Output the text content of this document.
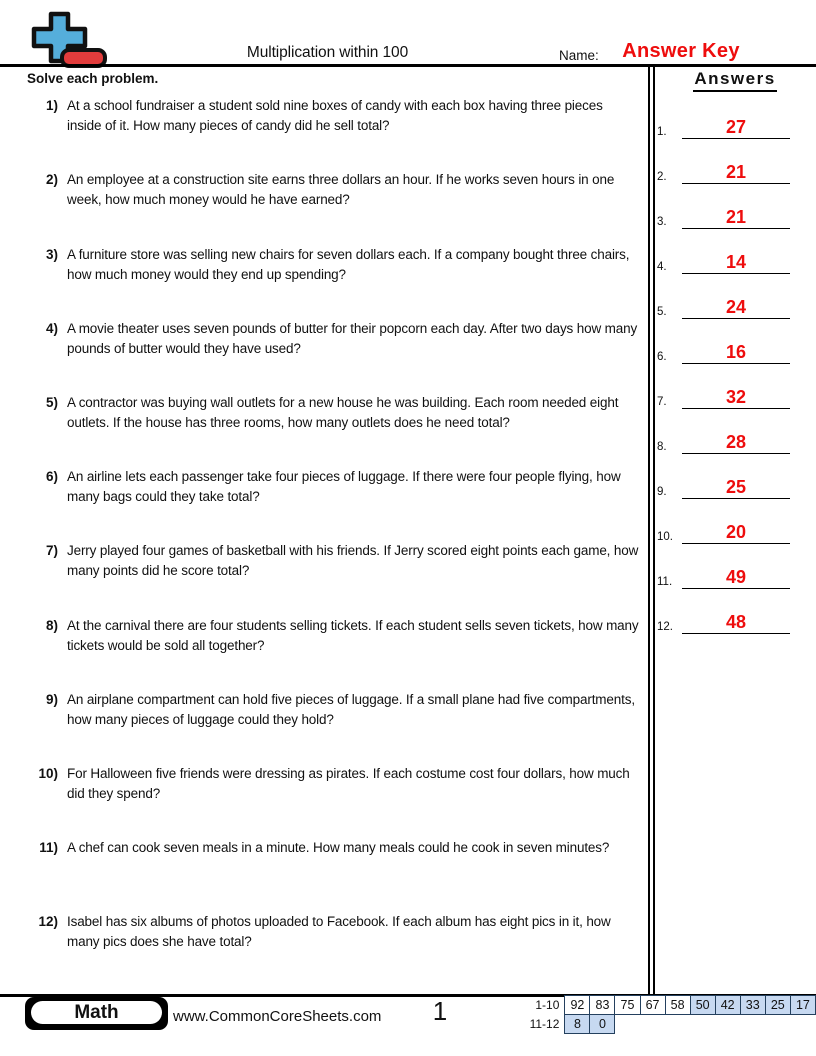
Multiplication within 100	Name:	Answer Key
Solve each problem.	Answers
1.	27
2.	21
3.	21
4.	14
5.	24
6.	16
7.	32
8.	28
9.	25
10.	20
11.	49
12.	48
1) At a school fundraiser a student sold nine boxes of candy with each box having three pieces inside of it. How many pieces of candy did he sell total?
2) An employee at a construction site earns three dollars an hour. If he works seven hours in one week, how much money would he have earned?
3) A furniture store was selling new chairs for seven dollars each. If a company bought three chairs, how much money would they end up spending?
4) A movie theater uses seven pounds of butter for their popcorn each day. After two days how many pounds of butter would they have used?
5) A contractor was buying wall outlets for a new house he was building. Each room needed eight outlets. If the house has three rooms, how many outlets does he need total?
6) An airline lets each passenger take four pieces of luggage. If there were four people flying, how many bags could they take total?
7) Jerry played four games of basketball with his friends. If Jerry scored eight points each game, how many points did he score total?
8) At the carnival there are four students selling tickets. If each student sells seven tickets, how many tickets would be sold all together?
9) An airplane compartment can hold five pieces of luggage. If a small plane had five compartments, how many pieces of luggage could they hold?
10) For Halloween five friends were dressing as pirates. If each costume cost four dollars, how much did they spend?
11) A chef can cook seven meals in a minute. How many meals could he cook in seven minutes?
12) Isabel has six albums of photos uploaded to Facebook. If each album has eight pics in it, how many pics does she have total?
Math	www.CommonCoreSheets.com	1	1-10	92	83	75	67	58	50	42	33	25	17
11-12	8	0								
